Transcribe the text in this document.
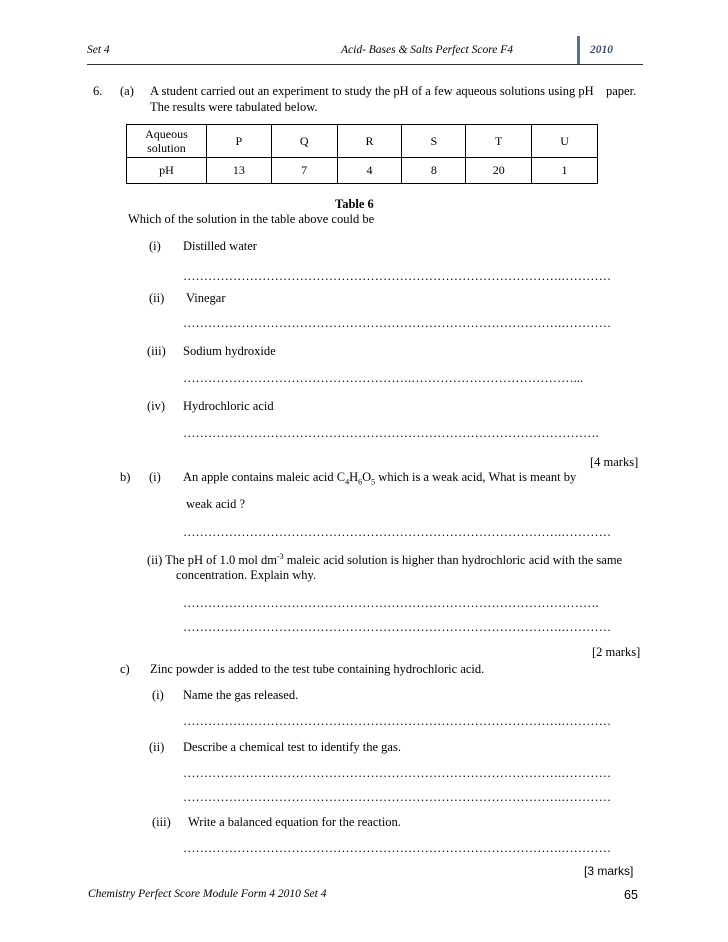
Set 4	Acid- Bases & Salts Perfect Score F4	2010
6. (a) A student carried out an experiment to study the pH of a few aqueous solutions using pH paper.
The results were tabulated below.
Aqueous
solution	P	Q	R	S	T	U
pH	13	7	4	8	20	1
Table 6
Which of the solution in the table above could be
(i) Distilled water
……………………………………………………………………………….…………
(ii) Vinegar
……………………………………………………………………………….…………
(iii) Sodium hydroxide
……………………………………………….…………………………………...
(iv) Hydrochloric acid
……………………………………………………………………………………….
[4 marks]
b) (i) An apple contains maleic acid $C_4H_6O_5$ which is a weak acid, What is meant by
weak acid ?
……………………………………………………………………………….…………
(ii) The pH of 1.0 mol $dm^{-3}$ maleic acid solution is higher than hydrochloric acid with the same
concentration. Explain why.
……………………………………………………………………………………….
……………………………………………………………………………….…………
[2 marks]
c) Zinc powder is added to the test tube containing hydrochloric acid.
(i) Name the gas released.
……………………………………………………………………………….…………
(ii) Describe a chemical test to identify the gas.
……………………………………………………………………………….…………
……………………………………………………………………………….…………
(iii) Write a balanced equation for the reaction.
……………………………………………………………………………….…………
[3 marks]
Chemistry Perfect Score Module Form 4 2010 Set 4	65
